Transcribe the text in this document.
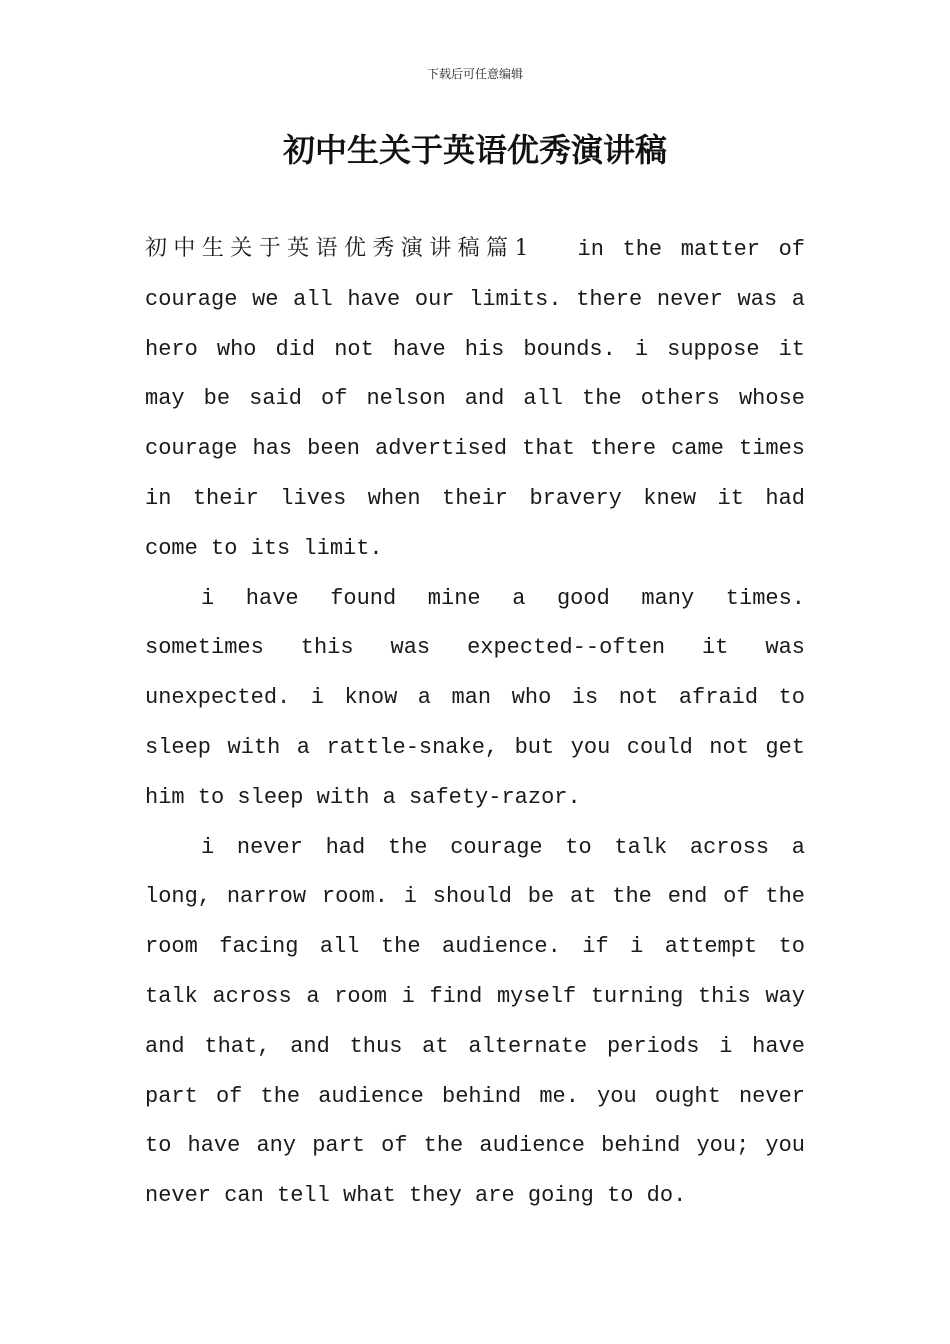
下载后可任意编辑
初中生关于英语优秀演讲稿

初中生关于英语优秀演讲稿篇1 in the matter of courage we all have our limits. there never was a hero who did not have his bounds. i suppose it may be said of nelson and all the others whose courage has been advertised that there came times in their lives when their bravery knew it had come to its limit.

i have found mine a good many times. sometimes this was expected--often it was unexpected. i know a man who is not afraid to sleep with a rattle-snake, but you could not get him to sleep with a safety-razor.

i never had the courage to talk across a long, narrow room. i should be at the end of the room facing all the audience. if i attempt to talk across a room i find myself turning this way and that, and thus at alternate periods i have part of the audience behind me. you ought never to have any part of the audience behind you; you never can tell what they are going to do.
